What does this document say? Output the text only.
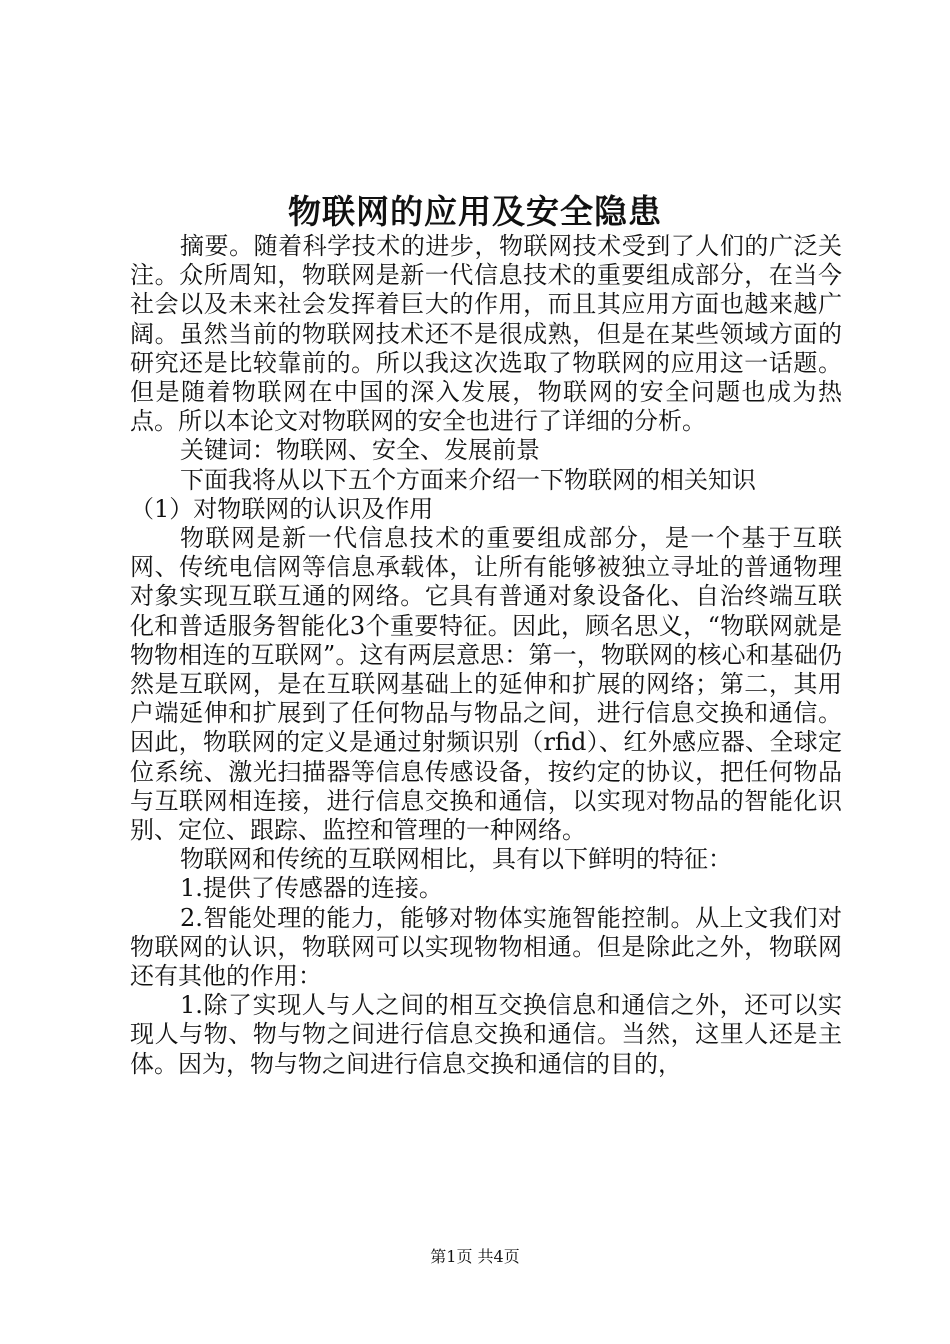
物联网的应用及安全隐患

摘要。随着科学技术的进步，物联网技术受到了人们的广泛关注。众所周知，物联网是新一代信息技术的重要组成部分，在当今社会以及未来社会发挥着巨大的作用，而且其应用方面也越来越广阔。虽然当前的物联网技术还不是很成熟，但是在某些领域方面的研究还是比较靠前的。所以我这次选取了物联网的应用这一话题。但是随着物联网在中国的深入发展，物联网的安全问题也成为热点。所以本论文对物联网的安全也进行了详细的分析。

关键词：物联网、安全、发展前景

下面我将从以下五个方面来介绍一下物联网的相关知识

（1）对物联网的认识及作用

物联网是新一代信息技术的重要组成部分，是一个基于互联网、传统电信网等信息承载体，让所有能够被独立寻址的普通物理对象实现互联互通的网络。它具有普通对象设备化、自治终端互联化和普适服务智能化3个重要特征。因此，顾名思义，“物联网就是物物相连的互联网”。这有两层意思：第一，物联网的核心和基础仍然是互联网，是在互联网基础上的延伸和扩展的网络；第二，其用户端延伸和扩展到了任何物品与物品之间，进行信息交换和通信。因此，物联网的定义是通过射频识别（rfid）、红外感应器、全球定位系统、激光扫描器等信息传感设备，按约定的协议，把任何物品与互联网相连接，进行信息交换和通信，以实现对物品的智能化识别、定位、跟踪、监控和管理的一种网络。

物联网和传统的互联网相比，具有以下鲜明的特征：

1.提供了传感器的连接。

2.智能处理的能力，能够对物体实施智能控制。从上文我们对物联网的认识，物联网可以实现物物相通。但是除此之外，物联网还有其他的作用：

1.除了实现人与人之间的相互交换信息和通信之外，还可以实现人与物、物与物之间进行信息交换和通信。当然，这里人还是主体。因为，物与物之间进行信息交换和通信的目的，

第1页 共4页
